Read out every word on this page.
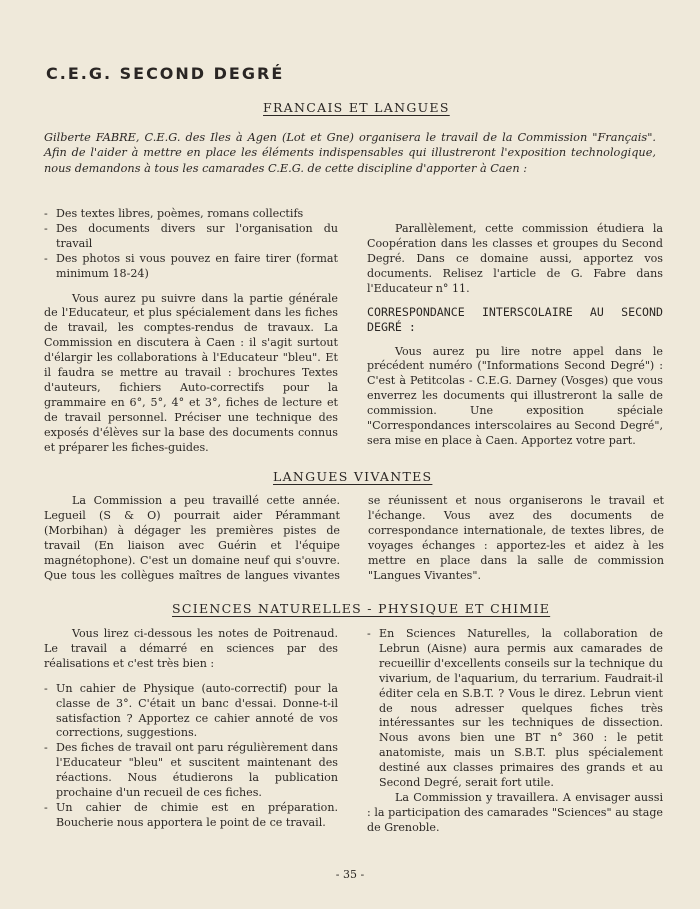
C.E.G. SECOND DEGRÉ
FRANCAIS ET LANGUES

Gilberte FABRE, C.E.G. des Iles à Agen (Lot et Gne) organisera le travail de la Commission "Français". Afin de l'aider à mettre en place les éléments indispensables qui illustreront l'exposition technologique, nous demandons à tous les camarades C.E.G. de cette discipline d'apporter à Caen :

- Des textes libres, poèmes, romans collectifs
- Des documents divers sur l'organisation du travail
- Des photos si vous pouvez en faire tirer (format minimum 18-24)

Vous aurez pu suivre dans la partie générale de l'Educateur, et plus spécialement dans les fiches de travail, les comptes-rendus de travaux. La Commission en discutera à Caen : il s'agit surtout d'élargir les collaborations à l'Educateur "bleu". Et il faudra se mettre au travail : brochures Textes d'auteurs, fichiers Auto-correctifs pour la grammaire en 6°, 5°, 4° et 3°, fiches de lecture et de travail personnel. Préciser une technique des exposés d'élèves sur la base des documents connus et préparer les fiches-guides.

Parallèlement, cette commission étudiera la Coopération dans les classes et groupes du Second Degré. Dans ce domaine aussi, apportez vos documents. Relisez l'article de G. Fabre dans l'Educateur n° 11.

CORRESPONDANCE INTERSCOLAIRE AU SECOND DEGRÉ :

Vous aurez pu lire notre appel dans le précédent numéro ("Informations Second Degré") : C'est à Petitcolas - C.E.G. Darney (Vosges) que vous enverrez les documents qui illustreront la salle de commission. Une exposition spéciale "Correspondances interscolaires au Second Degré", sera mise en place à Caen. Apportez votre part.

LANGUES VIVANTES

La Commission a peu travaillé cette année. Legueil (S & O) pourrait aider Pérammant (Morbihan) à dégager les premières pistes de travail (En liaison avec Guérin et l'équipe magnétophone). C'est un domaine neuf qui s'ouvre. Que tous les collègues maîtres de langues vivantes se réunissent et nous organiserons le travail et l'échange. Vous avez des documents de correspondance internationale, de textes libres, de voyages échanges : apportez-les et aidez à les mettre en place dans la salle de commission "Langues Vivantes".

SCIENCES NATURELLES - PHYSIQUE ET CHIMIE

Vous lirez ci-dessous les notes de Poitrenaud. Le travail a démarré en sciences par des réalisations et c'est très bien :

- Un cahier de Physique (auto-correctif) pour la classe de 3°. C'était un banc d'essai. Donne-t-il satisfaction ? Apportez ce cahier annoté de vos corrections, suggestions.
- Des fiches de travail ont paru régulièrement dans l'Educateur "bleu" et suscitent maintenant des réactions. Nous étudierons la publication prochaine d'un recueil de ces fiches.
- Un cahier de chimie est en préparation. Boucherie nous apportera le point de ce travail.
- En Sciences Naturelles, la collaboration de Lebrun (Aisne) aura permis aux camarades de recueillir d'excellents conseils sur la technique du vivarium, de l'aquarium, du terrarium. Faudrait-il éditer cela en S.B.T. ? Vous le direz. Lebrun vient de nous adresser quelques fiches très intéressantes sur les techniques de dissection. Nous avons bien une BT n° 360 : le petit anatomiste, mais un S.B.T. plus spécialement destiné aux classes primaires des grands et au Second Degré, serait fort utile.

La Commission y travaillera. A envisager aussi : la participation des camarades "Sciences" au stage de Grenoble.

- 35 -
